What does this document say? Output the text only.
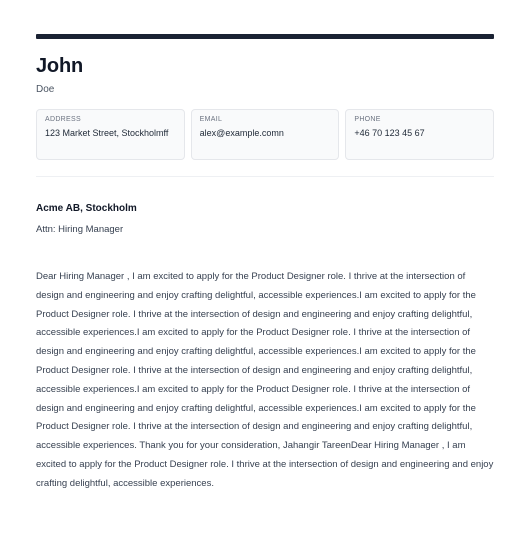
John
Doe
ADDRESS
123 Market Street, Stockholmff
EMAIL
alex@example.comn
PHONE
+46 70 123 45 67
Acme AB, Stockholm
Attn: Hiring Manager

Dear Hiring Manager , I am excited to apply for the Product Designer role. I thrive at the intersection of design and engineering and enjoy crafting delightful, accessible experiences.I am excited to apply for the Product Designer role. I thrive at the intersection of design and engineering and enjoy crafting delightful, accessible experiences.I am excited to apply for the Product Designer role. I thrive at the intersection of design and engineering and enjoy crafting delightful, accessible experiences.I am excited to apply for the Product Designer role. I thrive at the intersection of design and engineering and enjoy crafting delightful, accessible experiences.I am excited to apply for the Product Designer role. I thrive at the intersection of design and engineering and enjoy crafting delightful, accessible experiences.I am excited to apply for the Product Designer role. I thrive at the intersection of design and engineering and enjoy crafting delightful, accessible experiences. Thank you for your consideration, Jahangir TareenDear Hiring Manager , I am excited to apply for the Product Designer role. I thrive at the intersection of design and engineering and enjoy crafting delightful, accessible experiences.
